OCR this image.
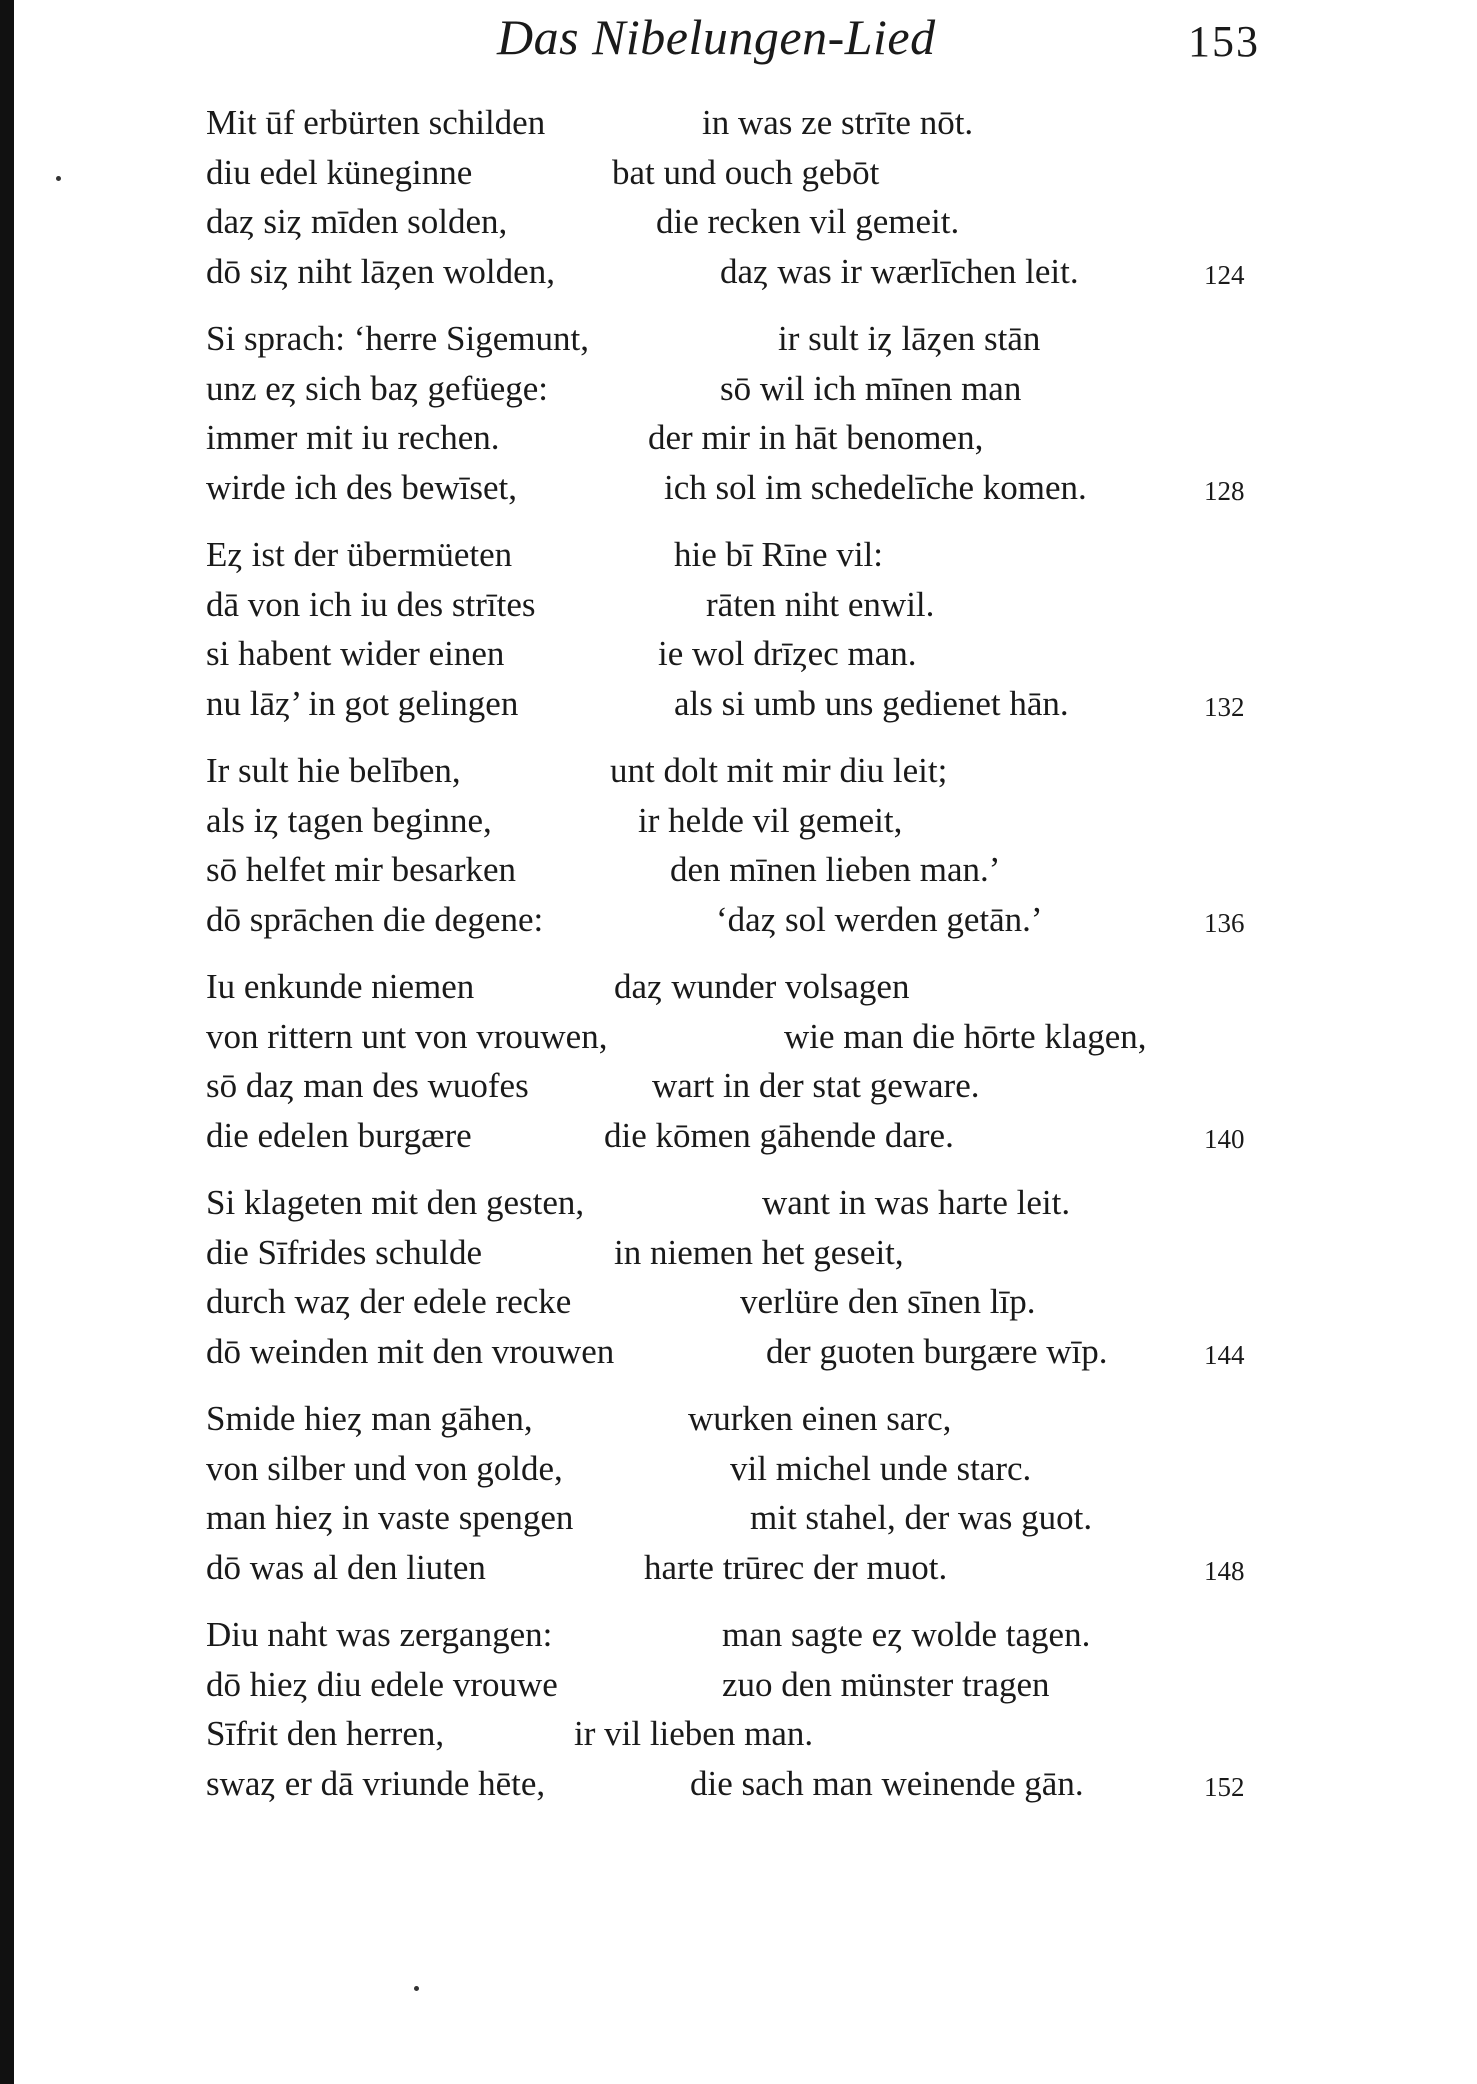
Das Nibelungen-Lied	153
Mit ūf erbürten schilden	in was ze strīte nōt.
diu edel küneginne	bat und ouch gebōt
daȥ siȥ mīden solden,	die recken vil gemeit.
dō siȥ niht lāȥen wolden,	daȥ was ir wærlīchen leit.	124
Si sprach: ‘herre Sigemunt,	ir sult iȥ lāȥen stān
unz eȥ sich baȥ gefüege:	sō wil ich mīnen man
immer mit iu rechen.	der mir in hāt benomen,
wirde ich des bewīset,	ich sol im schedelīche komen.	128
Eȥ ist der übermüeten	hie bī Rīne vil:
dā von ich iu des strītes	rāten niht enwil.
si habent wider einen	ie wol drīȥec man.
nu lāȥ’ in got gelingen	als si umb uns gedienet hān.	132
Ir sult hie belīben,	unt dolt mit mir diu leit;
als iȥ tagen beginne,	ir helde vil gemeit,
sō helfet mir besarken	den mīnen lieben man.’
dō sprāchen die degene:	‘daȥ sol werden getān.’	136
Iu enkunde niemen	daȥ wunder volsagen
von rittern unt von vrouwen,	wie man die hōrte klagen,
sō daȥ man des wuofes	wart in der stat geware.
die edelen burgære	die kōmen gāhende dare.	140
Si klageten mit den gesten,	want in was harte leit.
die Sīfrides schulde	in niemen het geseit,
durch waȥ der edele recke	verlüre den sīnen līp.
dō weinden mit den vrouwen	der guoten burgære wīp.	144
Smide hieȥ man gāhen,	wurken einen sarc,
von silber und von golde,	vil michel unde starc.
man hieȥ in vaste spengen	mit stahel, der was guot.
dō was al den liuten	harte trūrec der muot.	148
Diu naht was zergangen:	man sagte eȥ wolde tagen.
dō hieȥ diu edele vrouwe	zuo den münster tragen
Sīfrit den herren,	ir vil lieben man.
swaȥ er dā vriunde hēte,	die sach man weinende gān.	152
